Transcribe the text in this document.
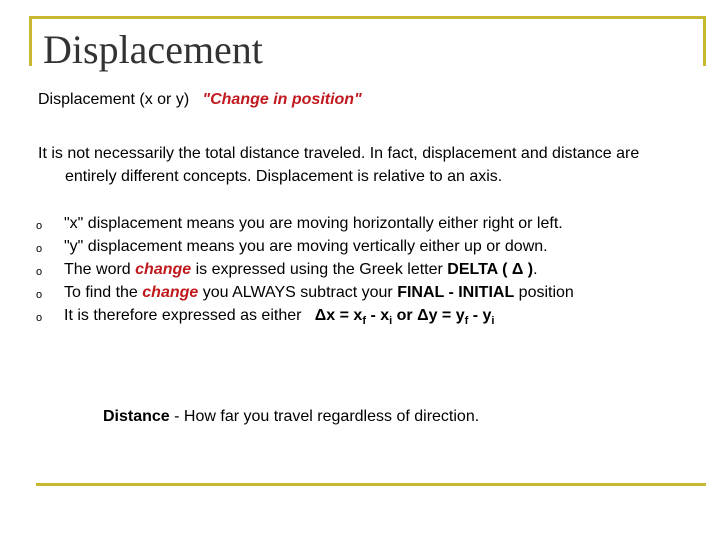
Displacement

Displacement (x or y) "Change in position"

It is not necessarily the total distance traveled. In fact, displacement and distance are entirely different concepts. Displacement is relative to an axis.

o "x" displacement means you are moving horizontally either right or left.
o "y" displacement means you are moving vertically either up or down.
o The word change is expressed using the Greek letter DELTA ( Δ ).
o To find the change you ALWAYS subtract your FINAL - INITIAL position
o It is therefore expressed as either   $\Delta x = x_f - x_i$ or $\Delta y = y_f - y_i$

Distance - How far you travel regardless of direction.
